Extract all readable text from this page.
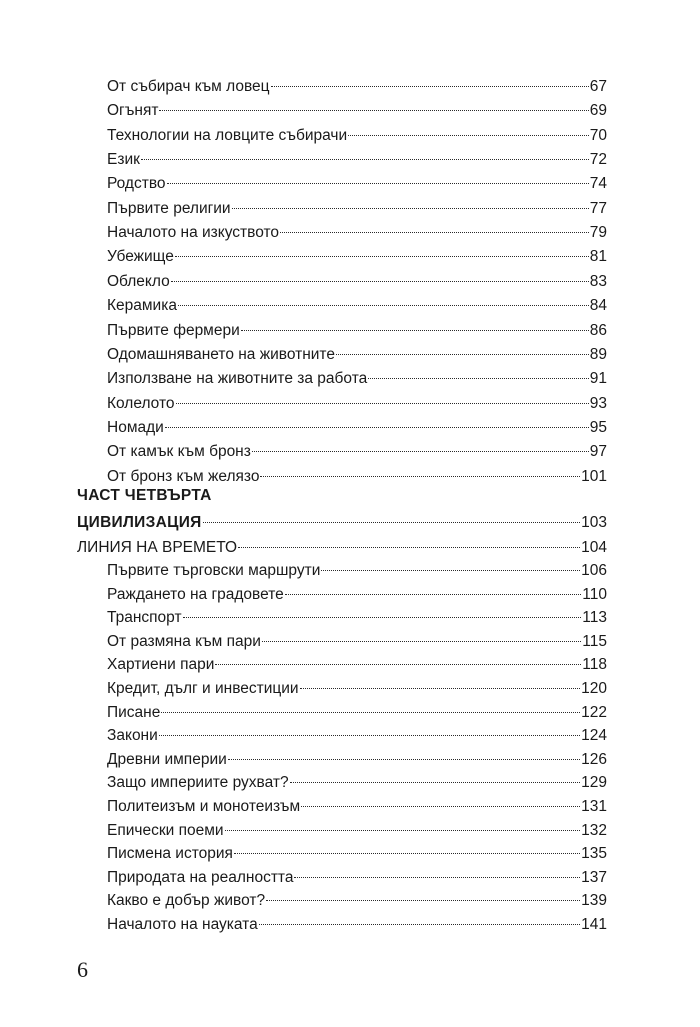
От събирач към ловец	67
Огънят	69
Технологии на ловците събирачи	70
Език	72
Родство	74
Първите религии	77
Началото на изкуството	79
Убежище	81
Облекло	83
Керамика	84
Първите фермери	86
Одомашняването на животните	89
Използване на животните за работа	91
Колелото	93
Номади	95
От камък към бронз	97
От бронз към желязо	101
ЧАСТ ЧЕТВЪРТА
ЦИВИЛИЗАЦИЯ	103
ЛИНИЯ НА ВРЕМЕТО	104
Първите търговски маршрути	106
Раждането на градовете	110
Транспорт	113
От размяна към пари	115
Хартиени пари	118
Кредит, дълг и инвестиции	120
Писане	122
Закони	124
Древни империи	126
Защо империите рухват?	129
Политеизъм и монотеизъм	131
Епически поеми	132
Писмена история	135
Природата на реалността	137
Какво е добър живот?	139
Началото на науката	141
6
